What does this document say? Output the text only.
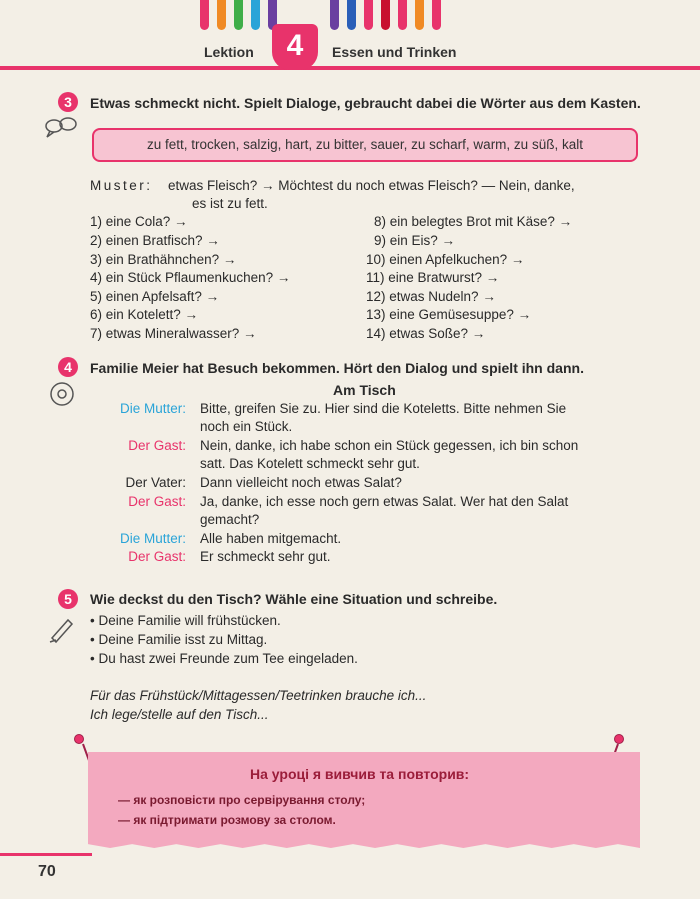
Lektion	4	Essen und Trinken
3	Etwas schmeckt nicht. Spielt Dialoge, gebraucht dabei die Wörter aus dem Kasten.
zu fett, trocken, salzig, hart, zu bitter, sauer, zu scharf, warm, zu süß, kalt
Muster: etwas Fleisch? → Möchtest du noch etwas Fleisch? — Nein, danke,
es ist zu fett.
1) eine Cola? →
2) einen Bratfisch? →
3) ein Brathähnchen? →
4) ein Stück Pflaumenkuchen? →
5) einen Apfelsaft? →
6) ein Kotelett? →
7) etwas Mineralwasser? →
8) ein belegtes Brot mit Käse? →
9) ein Eis? →
10) einen Apfelkuchen? →
11) eine Bratwurst? →
12) etwas Nudeln? →
13) eine Gemüsesuppe? →
14) etwas Soße? →
4	Familie Meier hat Besuch bekommen. Hört den Dialog und spielt ihn dann.
Am Tisch
Die Mutter: Bitte, greifen Sie zu. Hier sind die Koteletts. Bitte nehmen Sie
noch ein Stück.
Der Gast: Nein, danke, ich habe schon ein Stück gegessen, ich bin schon
satt. Das Kotelett schmeckt sehr gut.
Der Vater: Dann vielleicht noch etwas Salat?
Der Gast: Ja, danke, ich esse noch gern etwas Salat. Wer hat den Salat
gemacht?
Die Mutter: Alle haben mitgemacht.
Der Gast: Er schmeckt sehr gut.
5	Wie deckst du den Tisch? Wähle eine Situation und schreibe.
• Deine Familie will frühstücken.
• Deine Familie isst zu Mittag.
• Du hast zwei Freunde zum Tee eingeladen.
Für das Frühstück/Mittagessen/Teetrinken brauche ich...
Ich lege/stelle auf den Tisch...
На уроці я вивчив та повторив:
— як розповісти про сервірування столу;
— як підтримати розмову за столом.
70
